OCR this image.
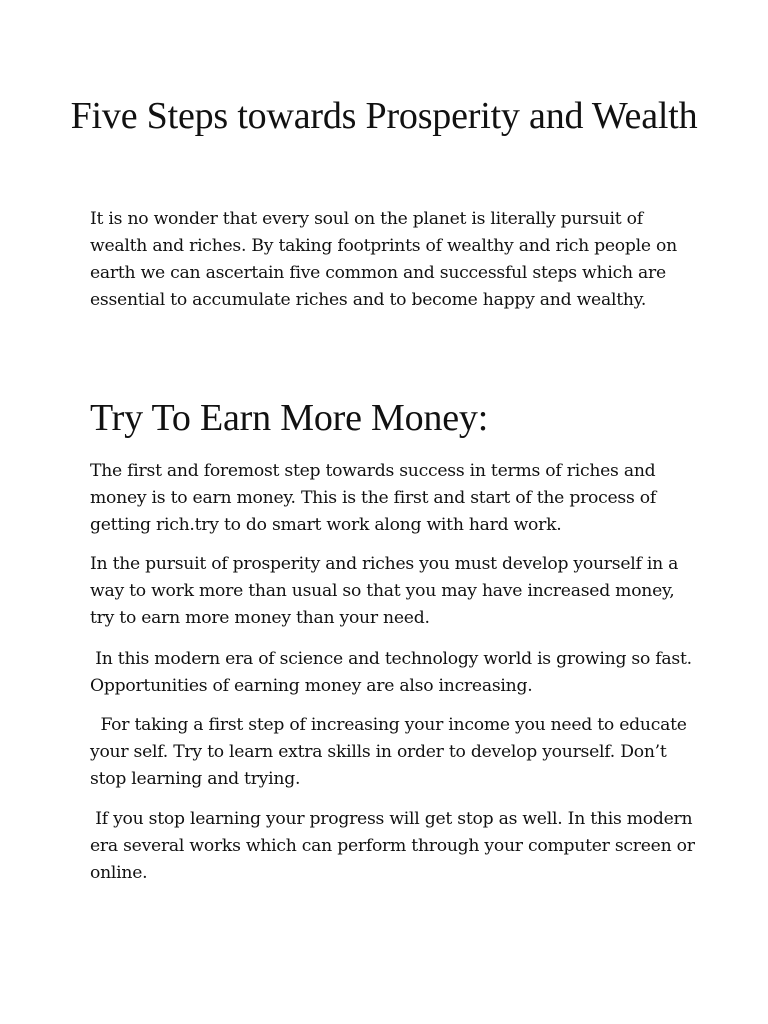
Five Steps towards Prosperity and Wealth

It is no wonder that every soul on the planet is literally pursuit of wealth and riches. By taking footprints of wealthy and rich people on earth we can ascertain five common and successful steps which are essential to accumulate riches and to become happy and wealthy.

Try To Earn More Money:

The first and foremost step towards success in terms of riches and money is to earn money. This is the first and start of the process of getting rich.try to do smart work along with hard work.

In the pursuit of prosperity and riches you must develop yourself in a way to work more than usual so that you may have increased money, try to earn more money than your need.

In this modern era of science and technology world is growing so fast. Opportunities of earning money are also increasing.

For taking a first step of increasing your income you need to educate your self. Try to learn extra skills in order to develop yourself. Don’t stop learning and trying.

If you stop learning your progress will get stop as well. In this modern era several works which can perform through your computer screen or online.
